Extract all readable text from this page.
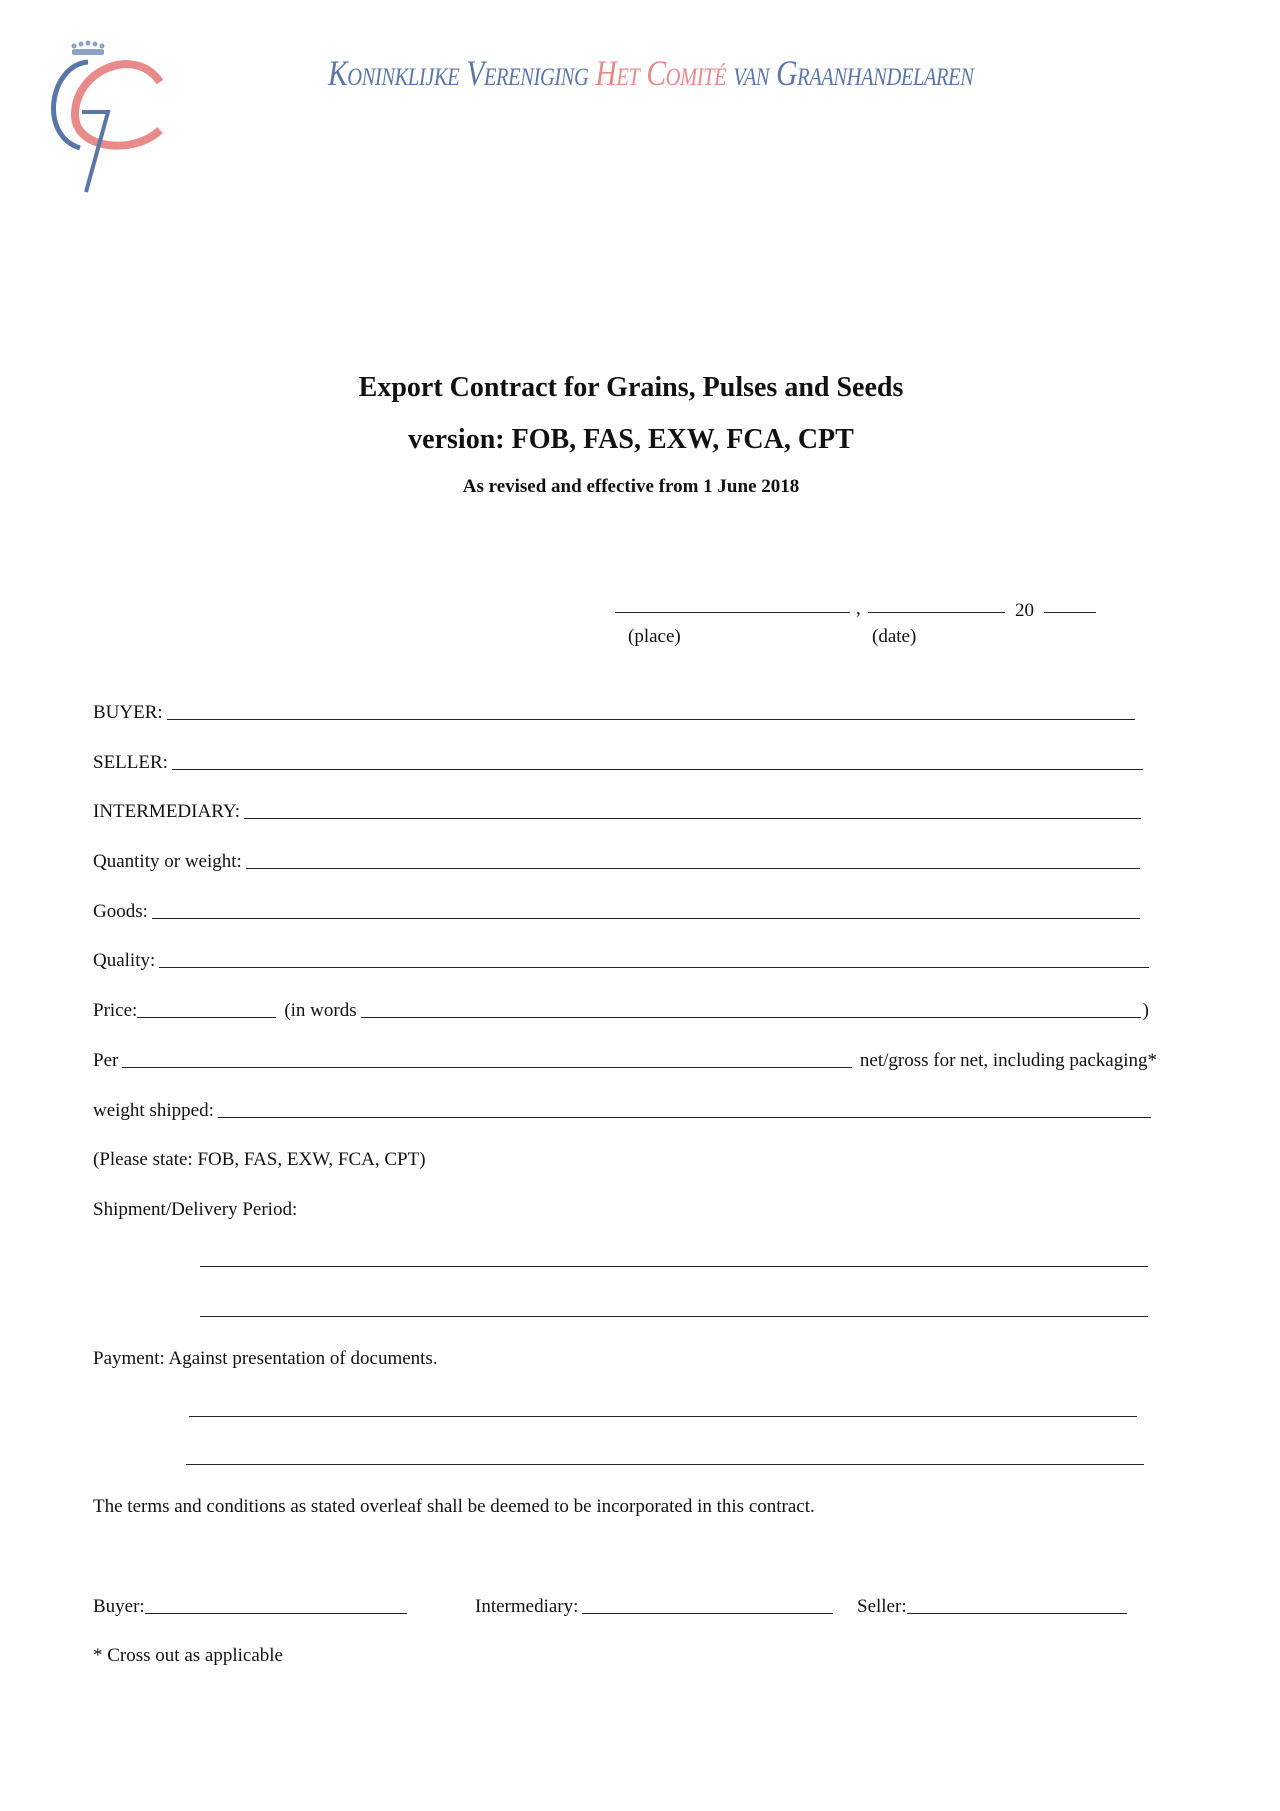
Koninklijke Vereniging Het Comité van Graanhandelaren
Export Contract for Grains, Pulses and Seeds
version: FOB, FAS, EXW, FCA, CPT
As revised and effective from 1 June 2018
,	20
(place)	(date)
BUYER:
SELLER:
INTERMEDIARY:
Quantity or weight:
Goods:
Quality:
Price:	(in words	)
Per	net/gross for net, including packaging*
weight shipped:
(Please state: FOB, FAS, EXW, FCA, CPT)
Shipment/Delivery Period:
Payment: Against presentation of documents.
The terms and conditions as stated overleaf shall be deemed to be incorporated in this contract.
Buyer:	Intermediary:	Seller:
* Cross out as applicable
